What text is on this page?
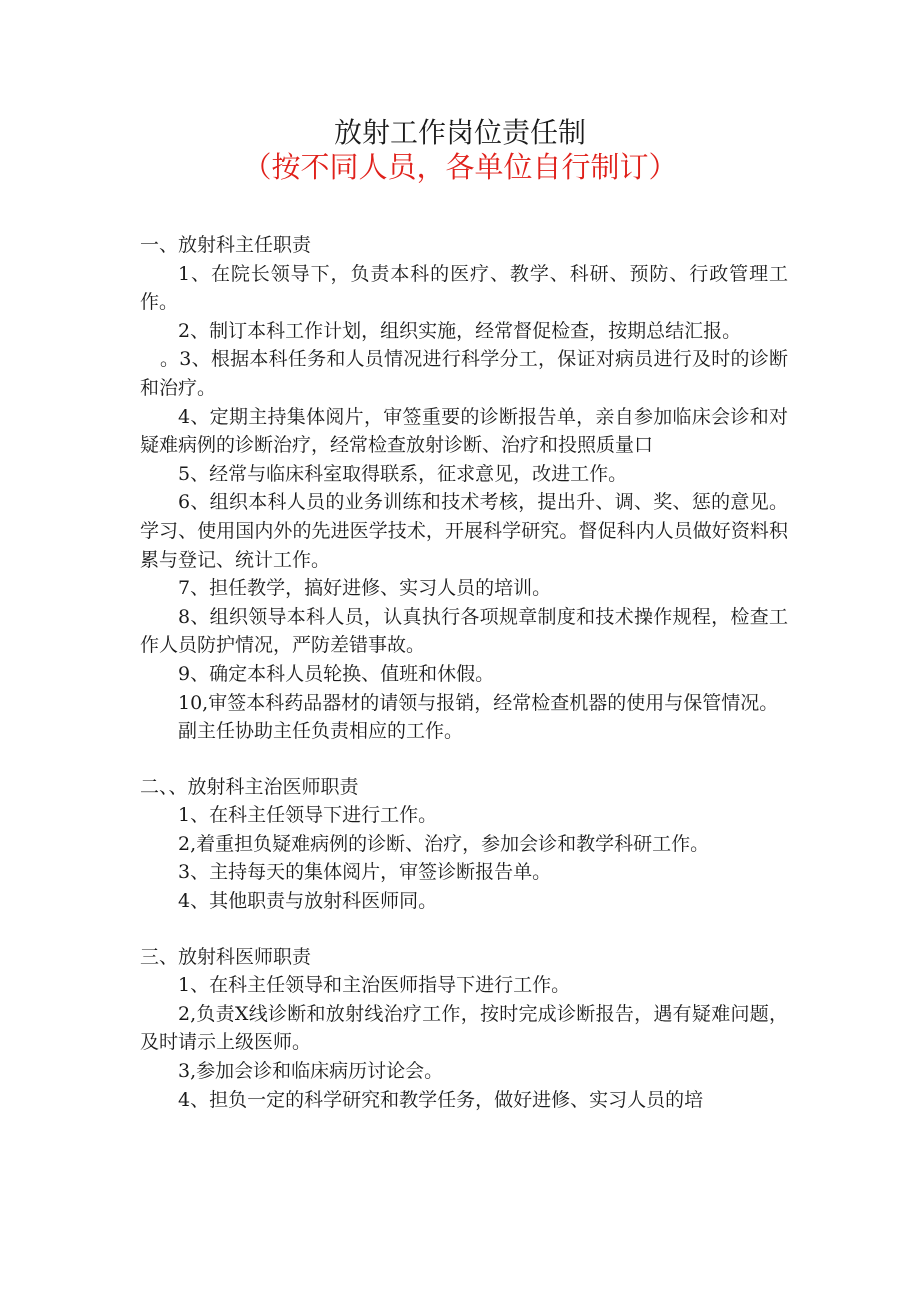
放射工作岗位责任制
（按不同人员，各单位自行制订）

一、放射科主任职责

1、在院长领导下，负责本科的医疗、教学、科研、预防、行政管理工作。

2、制订本科工作计划，组织实施，经常督促检查，按期总结汇报。

。3、根据本科任务和人员情况进行科学分工，保证对病员进行及时的诊断和治疗。

4、定期主持集体阅片，审签重要的诊断报告单，亲自参加临床会诊和对疑难病例的诊断治疗，经常检查放射诊断、治疗和投照质量口

5、经常与临床科室取得联系，征求意见，改进工作。

6、组织本科人员的业务训练和技术考核，提出升、调、奖、惩的意见。学习、使用国内外的先进医学技术，开展科学研究。督促科内人员做好资料积累与登记、统计工作。

7、担任教学，搞好进修、实习人员的培训。

8、组织领导本科人员，认真执行各项规章制度和技术操作规程，检查工作人员防护情况，严防差错事故。

9、确定本科人员轮换、值班和休假。

10,审签本科药品器材的请领与报销，经常检查机器的使用与保管情况。

副主任协助主任负责相应的工作。

二、、放射科主治医师职责

1、在科主任领导下进行工作。

2,着重担负疑难病例的诊断、治疗，参加会诊和教学科研工作。

3、主持每天的集体阅片，审签诊断报告单。

4、其他职责与放射科医师同。

三、放射科医师职责

1、在科主任领导和主治医师指导下进行工作。

2,负责X线诊断和放射线治疗工作，按时完成诊断报告，遇有疑难问题，及时请示上级医师。

3,参加会诊和临床病历讨论会。

4、担负一定的科学研究和教学任务，做好进修、实习人员的培
